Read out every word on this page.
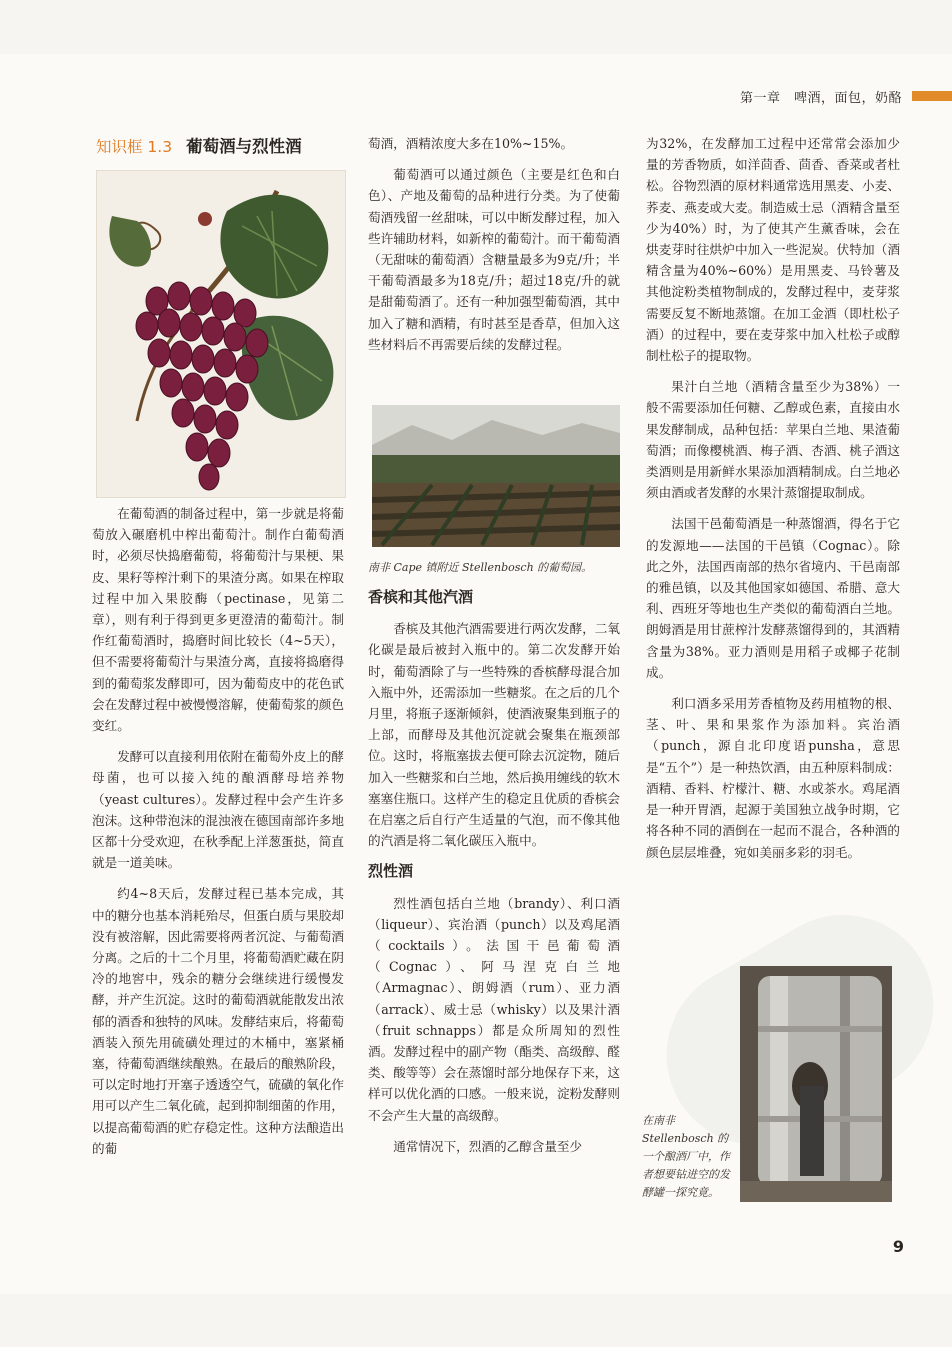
第一章　啤酒，面包，奶酪
知识框 1.3 葡萄酒与烈性酒

在葡萄酒的制备过程中，第一步就是将葡萄放入碾磨机中榨出葡萄汁。制作白葡萄酒时，必须尽快捣磨葡萄，将葡萄汁与果梗、果皮、果籽等榨汁剩下的果渣分离。如果在榨取过程中加入果胶酶（pectinase，见第二章），则有利于得到更多更澄清的葡萄汁。制作红葡萄酒时，捣磨时间比较长（4~5天），但不需要将葡萄汁与果渣分离，直接将捣磨得到的葡萄浆发酵即可，因为葡萄皮中的花色甙会在发酵过程中被慢慢溶解，使葡萄浆的颜色变红。

发酵可以直接利用依附在葡萄外皮上的酵母菌，也可以接入纯的酿酒酵母培养物（yeast cultures）。发酵过程中会产生许多泡沫。这种带泡沫的混浊液在德国南部许多地区都十分受欢迎，在秋季配上洋葱蛋挞，简直就是一道美味。

约4~8天后，发酵过程已基本完成，其中的糖分也基本消耗殆尽，但蛋白质与果胶却没有被溶解，因此需要将两者沉淀、与葡萄酒分离。之后的十二个月里，将葡萄酒贮藏在阴冷的地窖中，残余的糖分会继续进行缓慢发酵，并产生沉淀。这时的葡萄酒就能散发出浓郁的酒香和独特的风味。发酵结束后，将葡萄酒装入预先用硫磺处理过的木桶中，塞紧桶塞，待葡萄酒继续酿熟。在最后的酿熟阶段，可以定时地打开塞子透透空气，硫磺的氧化作用可以产生二氧化硫，起到抑制细菌的作用，以提高葡萄酒的贮存稳定性。这种方法酿造出的葡

萄酒，酒精浓度大多在10%~15%。

葡萄酒可以通过颜色（主要是红色和白色）、产地及葡萄的品种进行分类。为了使葡萄酒残留一丝甜味，可以中断发酵过程，加入些许辅助材料，如新榨的葡萄汁。而干葡萄酒（无甜味的葡萄酒）含糖量最多为9克/升；半干葡萄酒最多为18克/升；超过18克/升的就是甜葡萄酒了。还有一种加强型葡萄酒，其中加入了糖和酒精，有时甚至是香草，但加入这些材料后不再需要后续的发酵过程。

南非 Cape 镇附近 Stellenbosch 的葡萄园。
香槟和其他汽酒

香槟及其他汽酒需要进行两次发酵，二氧化碳是最后被封入瓶中的。第二次发酵开始时，葡萄酒除了与一些特殊的香槟酵母混合加入瓶中外，还需添加一些糖浆。在之后的几个月里，将瓶子逐渐倾斜，使酒液聚集到瓶子的上部，而酵母及其他沉淀就会聚集在瓶颈部位。这时，将瓶塞拔去便可除去沉淀物，随后加入一些糖浆和白兰地，然后换用缠线的软木塞塞住瓶口。这样产生的稳定且优质的香槟会在启塞之后自行产生适量的气泡，而不像其他的汽酒是将二氧化碳压入瓶中。

烈性酒

烈性酒包括白兰地（brandy）、利口酒（liqueur）、宾治酒（punch）以及鸡尾酒（cocktails）。法国干邑葡萄酒（Cognac）、阿马涅克白兰地（Armagnac）、朗姆酒（rum）、亚力酒（arrack）、威士忌（whisky）以及果汁酒（fruit schnapps）都是众所周知的烈性酒。发酵过程中的副产物（酯类、高级醇、醛类、酸等等）会在蒸馏时部分地保存下来，这样可以优化酒的口感。一般来说，淀粉发酵则不会产生大量的高级醇。

通常情况下，烈酒的乙醇含量至少

为32%，在发酵加工过程中还常常会添加少量的芳香物质，如洋茴香、茴香、香菜或者杜松。谷物烈酒的原材料通常选用黑麦、小麦、荞麦、燕麦或大麦。制造威士忌（酒精含量至少为40%）时，为了使其产生薰香味，会在烘麦芽时往烘炉中加入一些泥炭。伏特加（酒精含量为40%~60%）是用黑麦、马铃薯及其他淀粉类植物制成的，发酵过程中，麦芽浆需要反复不断地蒸馏。在加工金酒（即杜松子酒）的过程中，要在麦芽浆中加入杜松子或醇制杜松子的提取物。

果汁白兰地（酒精含量至少为38%）一般不需要添加任何糖、乙醇或色素，直接由水果发酵制成，品种包括：苹果白兰地、果渣葡萄酒；而像樱桃酒、梅子酒、杏酒、桃子酒这类酒则是用新鲜水果添加酒精制成。白兰地必须由酒或者发酵的水果汁蒸馏提取制成。

法国干邑葡萄酒是一种蒸馏酒，得名于它的发源地——法国的干邑镇（Cognac）。除此之外，法国西南部的热尔省境内、干邑南部的雅邑镇，以及其他国家如德国、希腊、意大利、西班牙等地也生产类似的葡萄酒白兰地。朗姆酒是用甘蔗榨汁发酵蒸馏得到的，其酒精含量为38%。亚力酒则是用稻子或椰子花制成。

利口酒多采用芳香植物及药用植物的根、茎、叶、果和果浆作为添加料。宾治酒（punch，源自北印度语punsha，意思是“五个”）是一种热饮酒，由五种原料制成：酒精、香料、柠檬汁、糖、水或茶水。鸡尾酒是一种开胃酒，起源于美国独立战争时期，它将各种不同的酒倒在一起而不混合，各种酒的颜色层层堆叠，宛如美丽多彩的羽毛。

在南非 Stellenbosch 的一个酿酒厂中，作者想要钻进空的发酵罐一探究竟。
9
